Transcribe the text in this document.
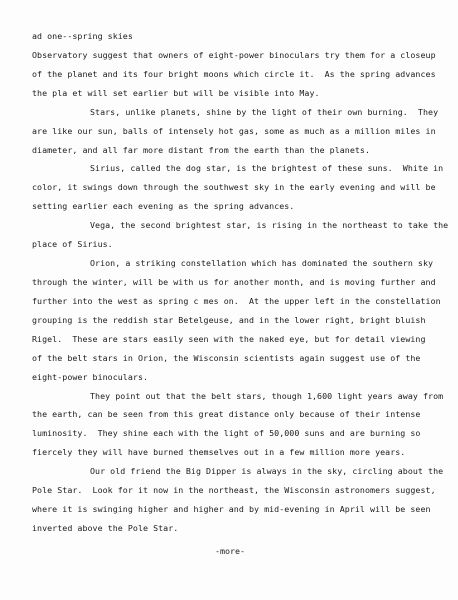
ad one--spring skies
Observatory suggest that owners of eight-power binoculars try them for a closeup
of the planet and its four bright moons which circle it.  As the spring advances
the pla et will set earlier but will be visible into May.
Stars, unlike planets, shine by the light of their own burning.  They
are like our sun, balls of intensely hot gas, some as much as a million miles in
diameter, and all far more distant from the earth than the planets.
Sirius, called the dog star, is the brightest of these suns.  White in
color, it swings down through the southwest sky in the early evening and will be
setting earlier each evening as the spring advances.
Vega, the second brightest star, is rising in the northeast to take the
place of Sirius.
Orion, a striking constellation which has dominated the southern sky
through the winter, will be with us for another month, and is moving further and
further into the west as spring c mes on.  At the upper left in the constellation
grouping is the reddish star Betelgeuse, and in the lower right, bright bluish
Rigel.  These are stars easily seen with the naked eye, but for detail viewing
of the belt stars in Orion, the Wisconsin scientists again suggest use of the
eight-power binoculars.
They point out that the belt stars, though 1,600 light years away from
the earth, can be seen from this great distance only because of their intense
luminosity.  They shine each with the light of 50,000 suns and are burning so
fiercely they will have burned themselves out in a few million more years.
Our old friend the Big Dipper is always in the sky, circling about the
Pole Star.  Look for it now in the northeast, the Wisconsin astronomers suggest,
where it is swinging higher and higher and by mid-evening in April will be seen
inverted above the Pole Star.
-more-
